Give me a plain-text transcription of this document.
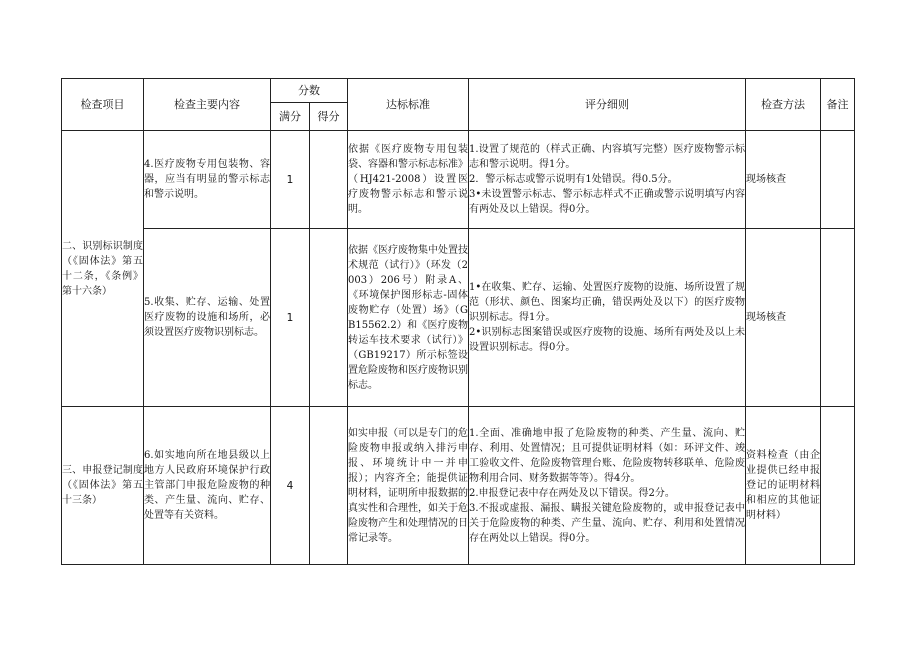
检查项目	检查主要内容	分数		达标标准	评分细则	检查方法	备注
		满分	得分				
二、识别标识制度（《固体法》第五十二条，《条例》第十六条）	4.医疗废物专用包装物、容器，应当有明显的警示标志和警示说明。	1		依据《医疗废物专用包装袋、容器和警示标志标准》（HJ421-2008）设置医疗废物警示标志和警示说明。	1.设置了规范的（样式正确、内容填写完整）医疗废物警示标志和警示说明。得1分。

2．警示标志或警示说明有1处错误。得0.5分。

3•未设置警示标志、警示标志样式不正确或警示说明填写内容有两处及以上错误。得0分。	现场核查	
	5.收集、贮存、运输、处置医疗废物的设施和场所，必须设置医疗废物识别标志。	1		依据《医疗废物集中处置技术规范（试行）》（环发（2003）206号）附录A、《环境保护图形标志-固体废物贮存（处置）场》（GB15562.2）和《医疗废物转运车技术要求（试行）》（GB19217）所示标签设置危险废物和医疗废物识别标志。	1•在收集、贮存、运输、处置医疗废物的设施、场所设置了规范（形状、颜色、图案均正确，错误两处及以下）的医疗废物识别标志。得1分。

2•识别标志图案错误或医疗废物的设施、场所有两处及以上未设置识别标志。得0分。	现场核查	
三、申报登记制度（《固体法》第五十三条）	6.如实地向所在地县级以上地方人民政府环境保护行政主管部门申报危险废物的种类、产生量、流向、贮存、处置等有关资料。	4		如实申报（可以是专门的危险废物申报或纳入排污申报、环境统计中一并申报）；内容齐全；能提供证明材料，证明所申报数据的真实性和合理性，如关于危险废物产生和处理情况的日常记录等。	1.全面、准确地申报了危险废物的种类、产生量、流向、贮存、利用、处置情况；且可提供证明材料（如：环评文件、竣工验收文件、危险废物管理台账、危险废物转移联单、危险废物利用合同、财务数据等等）。得4分。

2.申报登记表中存在两处及以下错误。得2分。

3.不报或虚报、漏报、瞒报关键危险废物的，或申报登记表中关于危险废物的种类、产生量、流向、贮存、利用和处置情况存在两处以上错误。得0分。	资料检查（由企业提供已经申报登记的证明材料和相应的其他证明材料）	
